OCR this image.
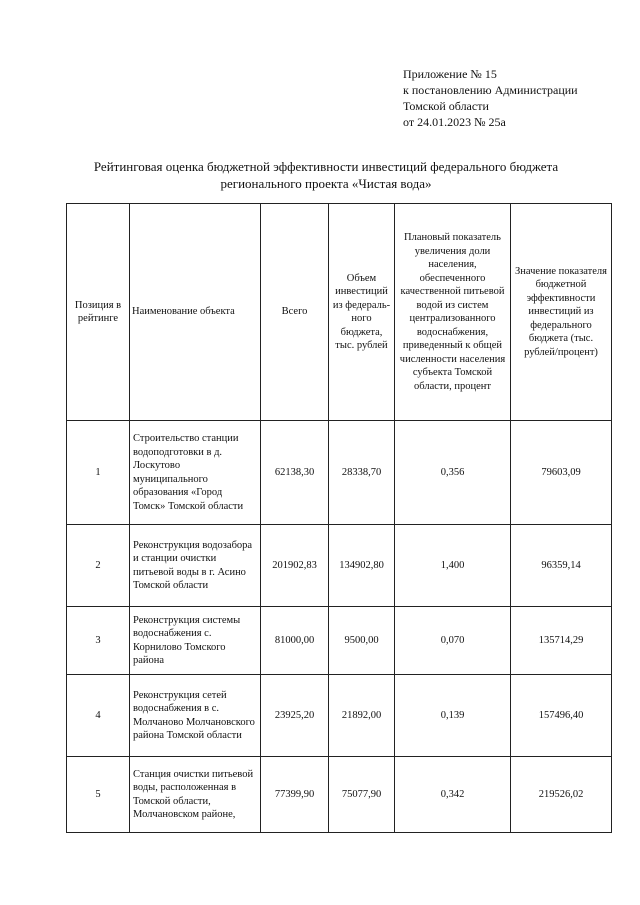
Приложение № 15
к постановлению Администрации
Томской области
от 24.01.2023 № 25а
Рейтинговая оценка бюджетной эффективности инвестиций федерального бюджета
регионального проекта «Чистая вода»
Позиция в рейтинге	Наименование объекта	Всего	Объем инвестиций из федераль-ного бюджета, тыс. рублей	Плановый показатель увеличения доли населения, обеспеченного качественной питьевой водой из систем централизованного водоснабжения, приведенный к общей численности населения субъекта Томской области, процент	Значение показателя бюджетной эффективности инвестиций из федерального бюджета (тыс. рублей/процент)
1	Строительство станции водоподготовки в д. Лоскутово муниципального образования «Город Томск» Томской области	62138,30	28338,70	0,356	79603,09
2	Реконструкция водозабора и станции очистки питьевой воды в г. Асино Томской области	201902,83	134902,80	1,400	96359,14
3	Реконструкция системы водоснабжения с. Корнилово Томского района	81000,00	9500,00	0,070	135714,29
4	Реконструкция сетей водоснабжения в с. Молчаново Молчановского района Томской области	23925,20	21892,00	0,139	157496,40
5	Станция очистки питьевой воды, расположенная в Томской области, Молчановском районе,	77399,90	75077,90	0,342	219526,02
